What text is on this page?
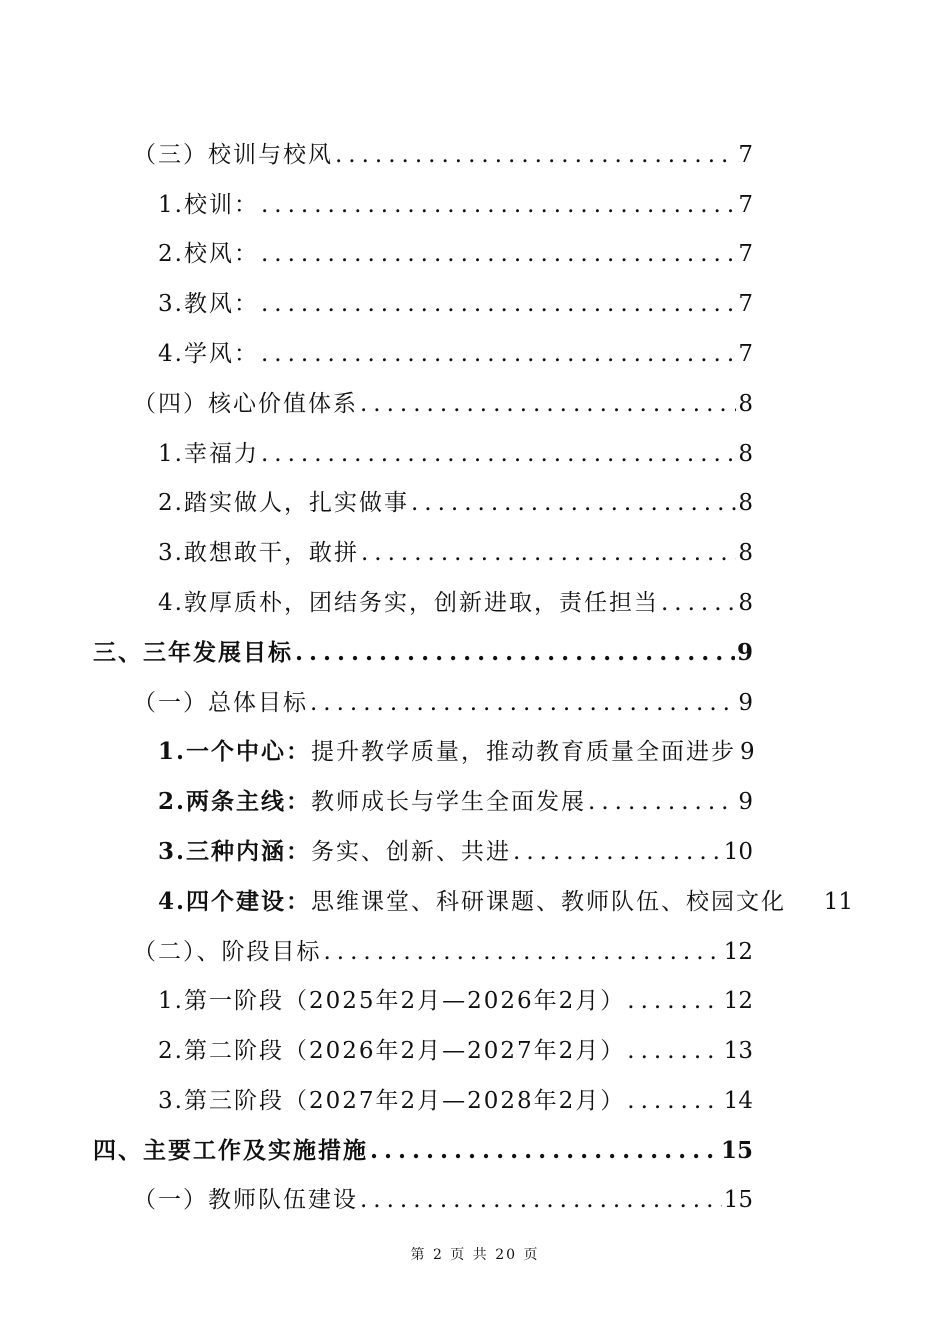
（三）校训与校风 .....	7
1.校训： .....	7
2.校风： .....	7
3.教风： .....	7
4.学风： .....	7
（四）核心价值体系 .....	8
1.幸福力 .....	8
2.踏实做人，扎实做事 .....	8
3.敢想敢干，敢拼 .....	8
4.敦厚质朴，团结务实，创新进取，责任担当 .....	8
三、三年发展目标 .....	9
（一）总体目标 .....	9
1.一个中心：提升教学质量，推动教育质量全面进步 9
2.两条主线：教师成长与学生全面发展 .....	9
3.三种内涵：务实、创新、共进 .....	10
4.四个建设：思维课堂、科研课题、教师队伍、校园文化 11
（二）、阶段目标 .....	12
1.第一阶段（2025年2月—2026年2月） .....	12
2.第二阶段（2026年2月—2027年2月） .....	13
3.第三阶段（2027年2月—2028年2月） .....	14
四、主要工作及实施措施 .....	15
（一）教师队伍建设 .....	15
第 2 页 共 20 页
